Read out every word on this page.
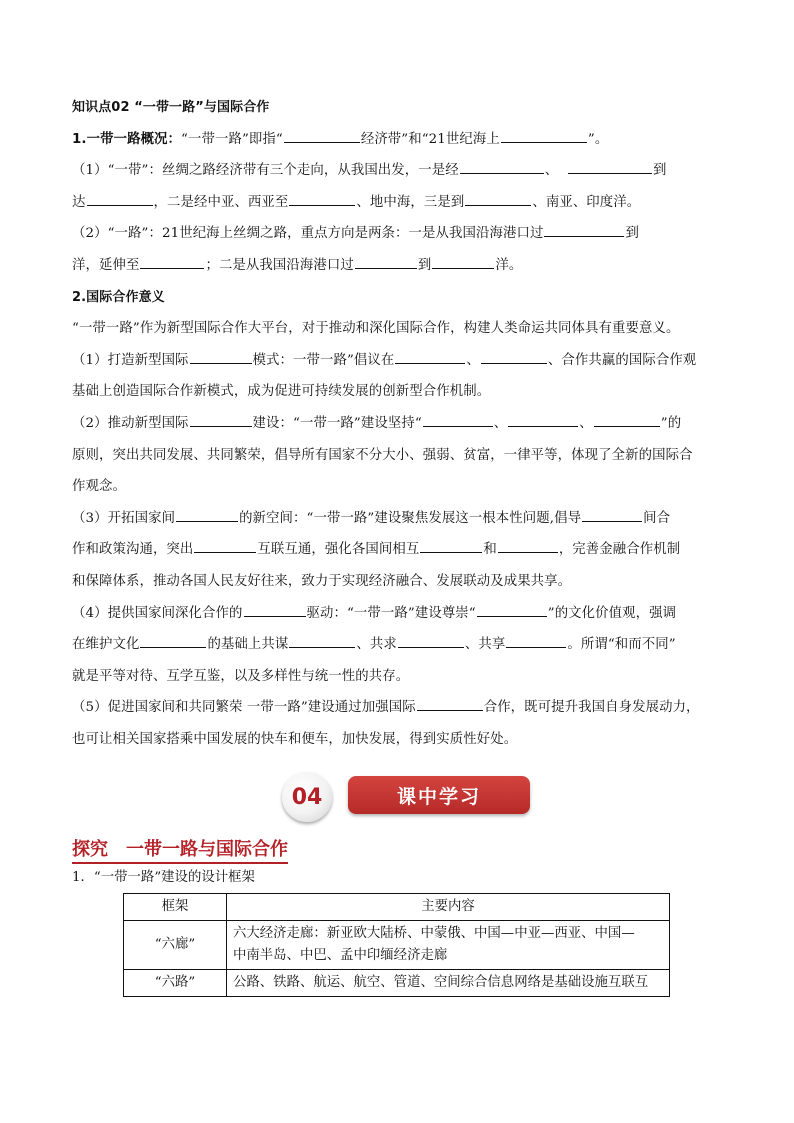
知识点02 “一带一路”与国际合作
1.一带一路概况：“一带一路”即指“	经济带”和“21世纪海上	”。
（1）“一带”：丝绸之路经济带有三个走向，从我国出发，一是经	、	到
达	，二是经中亚、西亚至	、地中海，三是到	、南亚、印度洋。
（2）“一路”：21世纪海上丝绸之路，重点方向是两条：一是从我国沿海港口过	到
洋，延伸至	；二是从我国沿海港口过	到	洋。
2.国际合作意义
“一带一路”作为新型国际合作大平台，对于推动和深化国际合作，构建人类命运共同体具有重要意义。
（1）打造新型国际	模式：一带一路”倡议在	、	、合作共赢的国际合作观
基础上创造国际合作新模式，成为促进可持续发展的创新型合作机制。
（2）推动新型国际	建设：“一带一路”建设坚持“	、	、	”的
原则，突出共同发展、共同繁荣，倡导所有国家不分大小、强弱、贫富，一律平等，体现了全新的国际合
作观念。
（3）开拓国家间	的新空间：“一带一路”建设聚焦发展这一根本性问题,倡导	间合
作和政策沟通，突出	互联互通，强化各国间相互	和	，完善金融合作机制
和保障体系，推动各国人民友好往来，致力于实现经济融合、发展联动及成果共享。
（4）提供国家间深化合作的	驱动：“一带一路”建设尊崇“	”的文化价值观，强调
在维护文化	的基础上共谋	、共求	、共享	。所谓“和而不同”
就是平等对待、互学互鉴，以及多样性与统一性的共存。
（5）促进国家间和共同繁荣 一带一路”建设通过加强国际	合作，既可提升我国自身发展动力，
也可让相关国家搭乘中国发展的快车和便车，加快发展，得到实质性好处。
04	课中学习
探究 一带一路与国际合作
1．“一带一路”建设的设计框架
框架	主要内容
“六廊”	六大经济走廊：新亚欧大陆桥、中蒙俄、中国—中亚—西亚、中国—
中南半岛、中巴、孟中印缅经济走廊

“六路”	公路、铁路、航运、航空、管道、空间综合信息网络是基础设施互联互
